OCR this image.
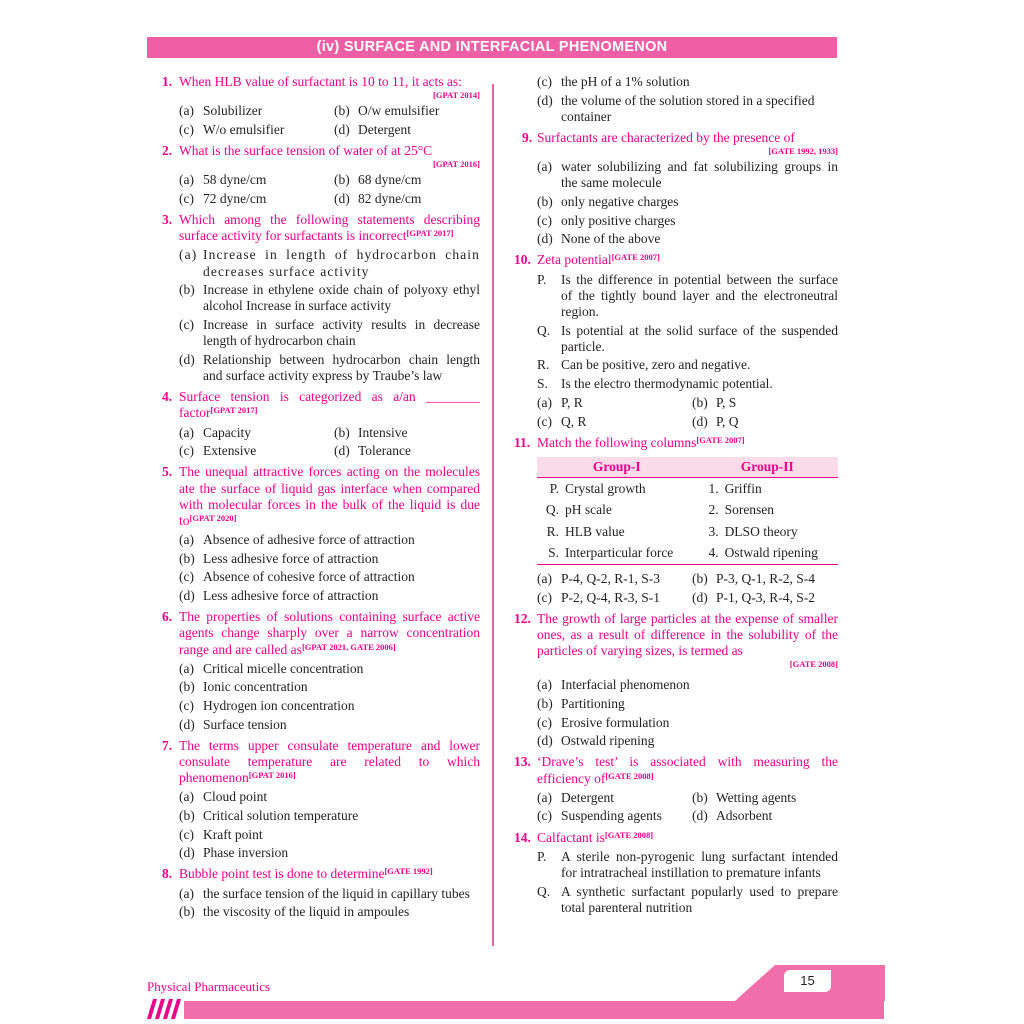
(iv) SURFACE AND INTERFACIAL PHENOMENON
1. When HLB value of surfactant is 10 to 11, it acts as:
[GPAT 2014]
(a) Solubilizer	(b) O/w emulsifier
(c) W/o emulsifier	(d) Detergent
2. What is the surface tension of water of at 25°C
[GPAT 2016]
(a) 58 dyne/cm	(b) 68 dyne/cm
(c) 72 dyne/cm	(d) 82 dyne/cm
3. Which among the following statements describing surface activity for surfactants is incorrect[GPAT 2017]
(a) Increase in length of hydrocarbon chain decreases surface activity
(b) Increase in ethylene oxide chain of polyoxy ethyl alcohol Increase in surface activity
(c) Increase in surface activity results in decrease length of hydrocarbon chain
(d) Relationship between hydrocarbon chain length and surface activity express by Traube’s law
4. Surface tension is categorized as a/an ________ factor[GPAT 2017]
(a) Capacity	(b) Intensive
(c) Extensive	(d) Tolerance
5. The unequal attractive forces acting on the molecules ate the surface of liquid gas interface when compared with molecular forces in the bulk of the liquid is due to[GPAT 2020]
(a) Absence of adhesive force of attraction
(b) Less adhesive force of attraction
(c) Absence of cohesive force of attraction
(d) Less adhesive force of attraction
6. The properties of solutions containing surface active agents change sharply over a narrow concentration range and are called as[GPAT 2021, GATE 2006]
(a) Critical micelle concentration
(b) Ionic concentration
(c) Hydrogen ion concentration
(d) Surface tension
7. The terms upper consulate temperature and lower consulate temperature are related to which phenomenon[GPAT 2016]
(a) Cloud point
(b) Critical solution temperature
(c) Kraft point
(d) Phase inversion
8. Bubble point test is done to determine[GATE 1992]
(a) the surface tension of the liquid in capillary tubes
(b) the viscosity of the liquid in ampoules
(c) the pH of a 1% solution
(d) the volume of the solution stored in a specified container
9. Surfactants are characterized by the presence of
[GATE 1992, 1933]
(a) water solubilizing and fat solubilizing groups in the same molecule
(b) only negative charges
(c) only positive charges
(d) None of the above
10. Zeta potential[GATE 2007]
P. Is the difference in potential between the surface of the tightly bound layer and the electroneutral region.
Q. Is potential at the solid surface of the suspended particle.
R. Can be positive, zero and negative.
S. Is the electro thermodynamic potential.
(a) P, R	(b) P, S
(c) Q, R	(d) P, Q
11. Match the following columns[GATE 2007]
Group-I		Group-II	
P.	Crystal growth	1.	Griffin
Q.	pH scale	2.	Sorensen
R.	HLB value	3.	DLSO theory
S.	Interparticular force	4.	Ostwald ripening
(a) P-4, Q-2, R-1, S-3	(b) P-3, Q-1, R-2, S-4
(c) P-2, Q-4, R-3, S-1	(d) P-1, Q-3, R-4, S-2
12. The growth of large particles at the expense of smaller ones, as a result of difference in the solubility of the particles of varying sizes, is termed as
[GATE 2008]
(a) Interfacial phenomenon
(b) Partitioning
(c) Erosive formulation
(d) Ostwald ripening
13. ‘Drave’s test’ is associated with measuring the efficiency of[GATE 2008]
(a) Detergent	(b) Wetting agents
(c) Suspending agents	(d) Adsorbent
14. Calfactant is[GATE 2008]
P. A sterile non-pyrogenic lung surfactant intended for intratracheal instillation to premature infants
Q. A synthetic surfactant popularly used to prepare total parenteral nutrition
Physical Pharmaceutics	15
